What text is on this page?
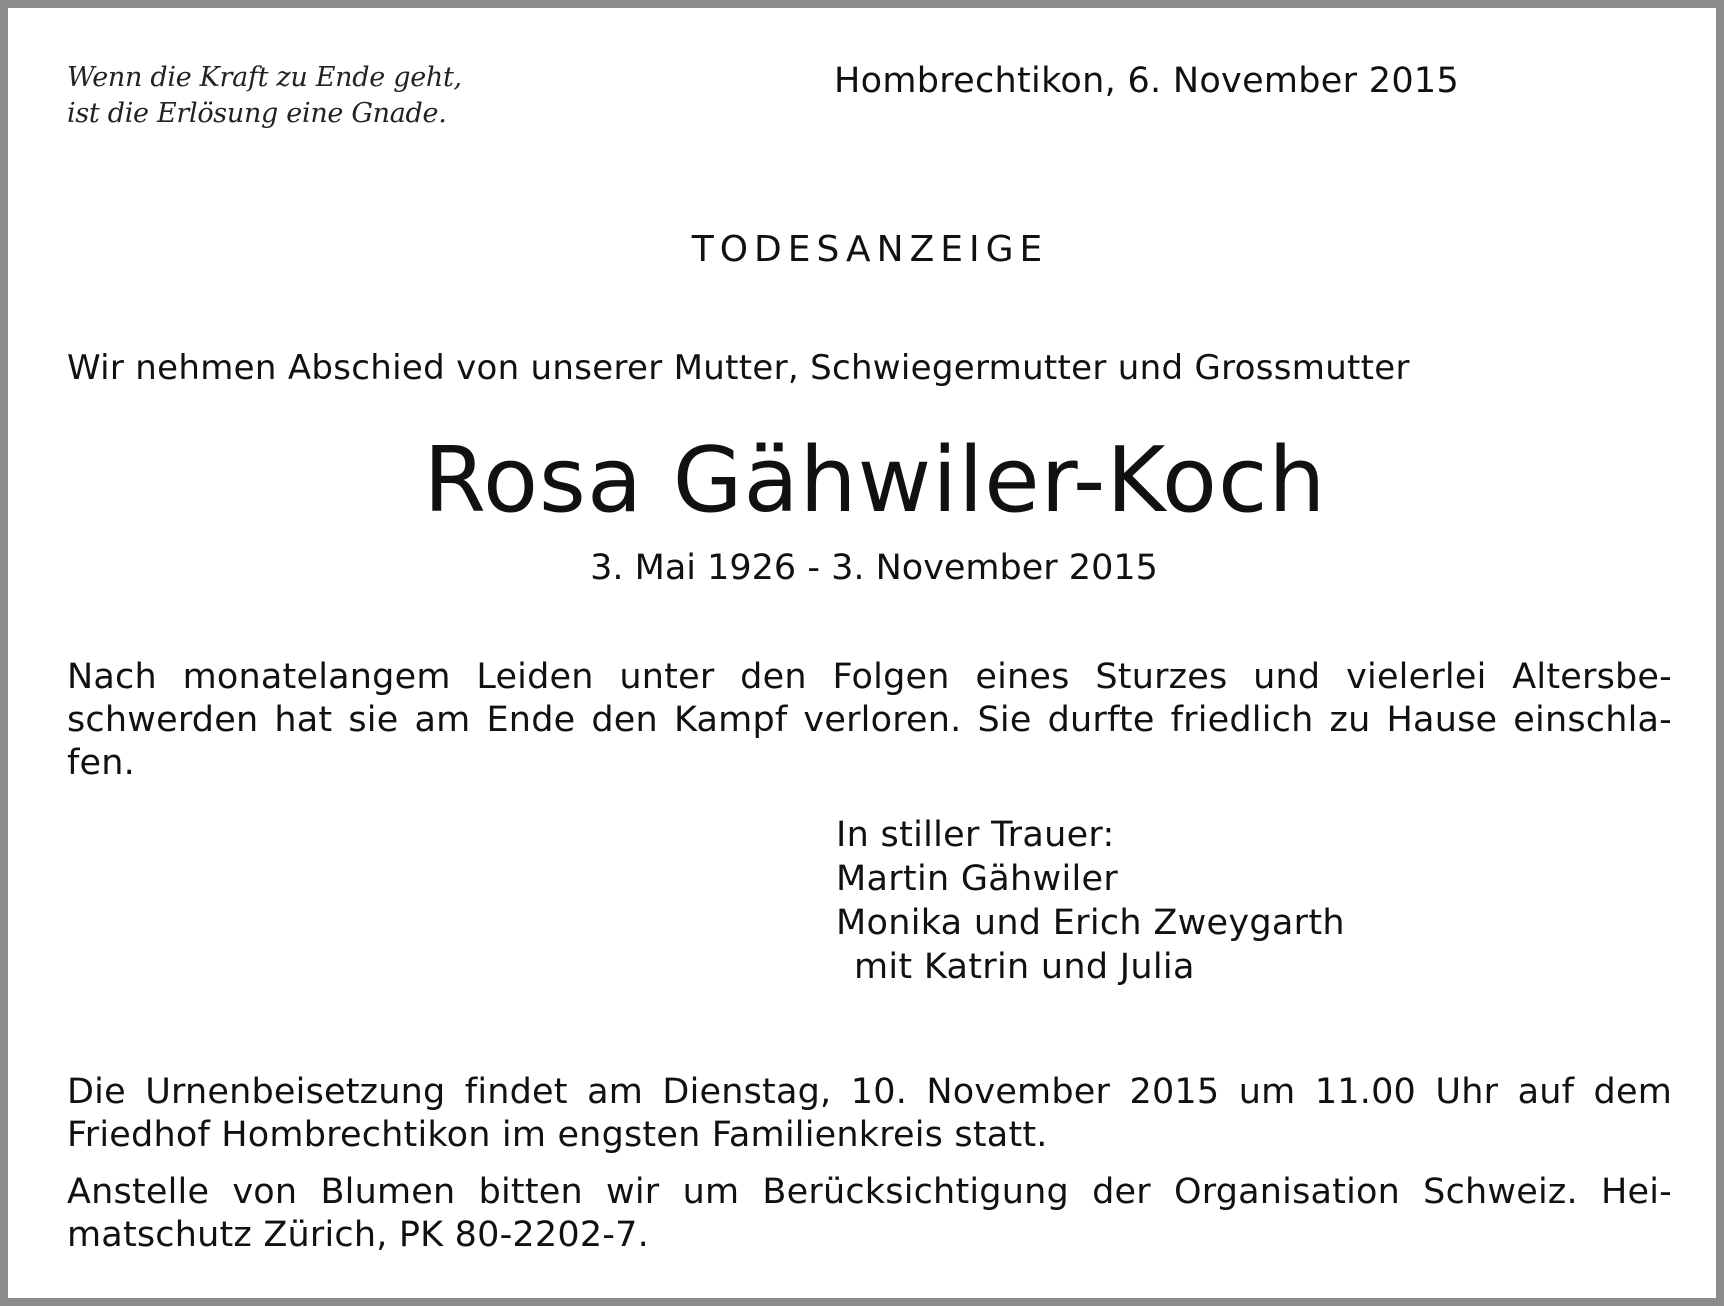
Wenn die Kraft zu Ende geht,
ist die Erlösung eine Gnade.
Hombrechtikon, 6. November 2015
TODESANZEIGE
Wir nehmen Abschied von unserer Mutter, Schwiegermutter und Grossmutter
Rosa Gähwiler-Koch
3. Mai 1926 - 3. November 2015
Nach monatelangem Leiden unter den Folgen eines Sturzes und vielerlei Altersbe-
schwerden hat sie am Ende den Kampf verloren. Sie durfte friedlich zu Hause einschla-
fen.
In stiller Trauer:
Martin Gähwiler
Monika und Erich Zweygarth
mit Katrin und Julia
Die Urnenbeisetzung findet am Dienstag, 10. November 2015 um 11.00 Uhr auf dem
Friedhof Hombrechtikon im engsten Familienkreis statt.
Anstelle von Blumen bitten wir um Berücksichtigung der Organisation Schweiz. Hei-
matschutz Zürich, PK 80-2202-7.
